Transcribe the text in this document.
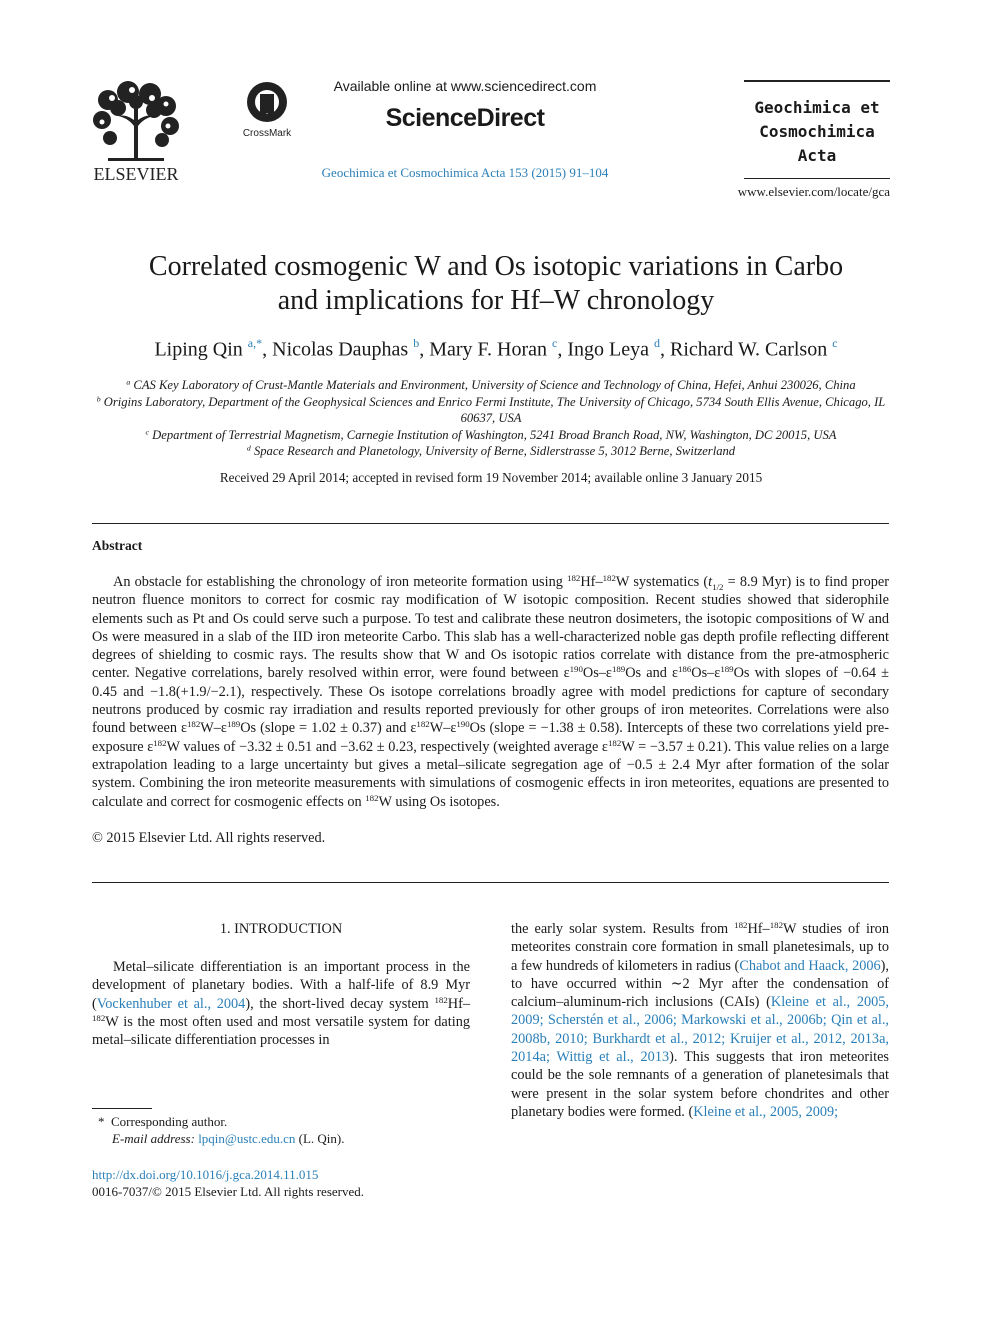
ELSEVIER
CrossMark
Available online at www.sciencedirect.com
ScienceDirect
Geochimica et Cosmochimica Acta 153 (2015) 91–104
Geochimica et
Cosmochimica
Acta
www.elsevier.com/locate/gca
Correlated cosmogenic W and Os isotopic variations in Carbo
and implications for Hf–W chronology
Liping Qin $^{a,*}$, Nicolas Dauphas $^b$, Mary F. Horan $^c$, Ingo Leya $^d$, Richard W. Carlson $^c$
$^a$ CAS Key Laboratory of Crust-Mantle Materials and Environment, University of Science and Technology of China, Hefei, Anhui 230026, China
$^b$ Origins Laboratory, Department of the Geophysical Sciences and Enrico Fermi Institute, The University of Chicago, 5734 South Ellis Avenue, Chicago, IL 60637, USA
$^c$ Department of Terrestrial Magnetism, Carnegie Institution of Washington, 5241 Broad Branch Road, NW, Washington, DC 20015, USA
$^d$ Space Research and Planetology, University of Berne, Sidlerstrasse 5, 3012 Berne, Switzerland
Received 29 April 2014; accepted in revised form 19 November 2014; available online 3 January 2015
Abstract
An obstacle for establishing the chronology of iron meteorite formation using $^{182}$Hf–$^{182}$W systematics ($t_{1/2} = 8.9$ Myr) is to find proper neutron fluence monitors to correct for cosmic ray modification of W isotopic composition. Recent studies showed that siderophile elements such as Pt and Os could serve such a purpose. To test and calibrate these neutron dosimeters, the isotopic compositions of W and Os were measured in a slab of the IID iron meteorite Carbo. This slab has a well-characterized noble gas depth profile reflecting different degrees of shielding to cosmic rays. The results show that W and Os isotopic ratios correlate with distance from the pre-atmospheric center. Negative correlations, barely resolved within error, were found between $\varepsilon^{190}Os-\varepsilon^{189}Os$ and $\varepsilon^{186}Os-\varepsilon^{189}Os$ with slopes of −0.64 ± 0.45 and −1.8(+1.9/−2.1), respectively. These Os isotope correlations broadly agree with model predictions for capture of secondary neutrons produced by cosmic ray irradiation and results reported previously for other groups of iron meteorites. Correlations were also found between $\varepsilon^{182}W-\varepsilon^{189}Os$ (slope = 1.02 ± 0.37) and $\varepsilon^{182}W-\varepsilon^{190}Os$ (slope = −1.38 ± 0.58). Intercepts of these two correlations yield pre-exposure $\varepsilon^{182}W$ values of −3.32 ± 0.51 and −3.62 ± 0.23, respectively (weighted average $\varepsilon^{182}W = -3.57 \pm 0.21$). This value relies on a large extrapolation leading to a large uncertainty but gives a metal–silicate segregation age of −0.5 ± 2.4 Myr after formation of the solar system. Combining the iron meteorite measurements with simulations of cosmogenic effects in iron meteorites, equations are presented to calculate and correct for cosmogenic effects on $^{182}$W using Os isotopes.
© 2015 Elsevier Ltd. All rights reserved.
1. INTRODUCTION
Metal–silicate differentiation is an important process in the development of planetary bodies. With a half-life of 8.9 Myr (Vockenhuber et al., 2004), the short-lived decay system $^{182}$Hf–$^{182}$W is the most often used and most versatile system for dating metal–silicate differentiation processes in
the early solar system. Results from $^{182}$Hf–$^{182}$W studies of iron meteorites constrain core formation in small planetesimals, up to a few hundreds of kilometers in radius (Chabot and Haack, 2006), to have occurred within ∼2 Myr after the condensation of calcium–aluminum-rich inclusions (CAIs) (Kleine et al., 2005, 2009; Scherstén et al., 2006; Markowski et al., 2006b; Qin et al., 2008b, 2010; Burkhardt et al., 2012; Kruijer et al., 2012, 2013a, 2014a; Wittig et al., 2013). This suggests that iron meteorites could be the sole remnants of a generation of planetesimals that were present in the solar system before chondrites and other planetary bodies were formed. (Kleine et al., 2005, 2009;
* Corresponding author.
E-mail address: lpqin@ustc.edu.cn (L. Qin).
http://dx.doi.org/10.1016/j.gca.2014.11.015
0016-7037/© 2015 Elsevier Ltd. All rights reserved.
